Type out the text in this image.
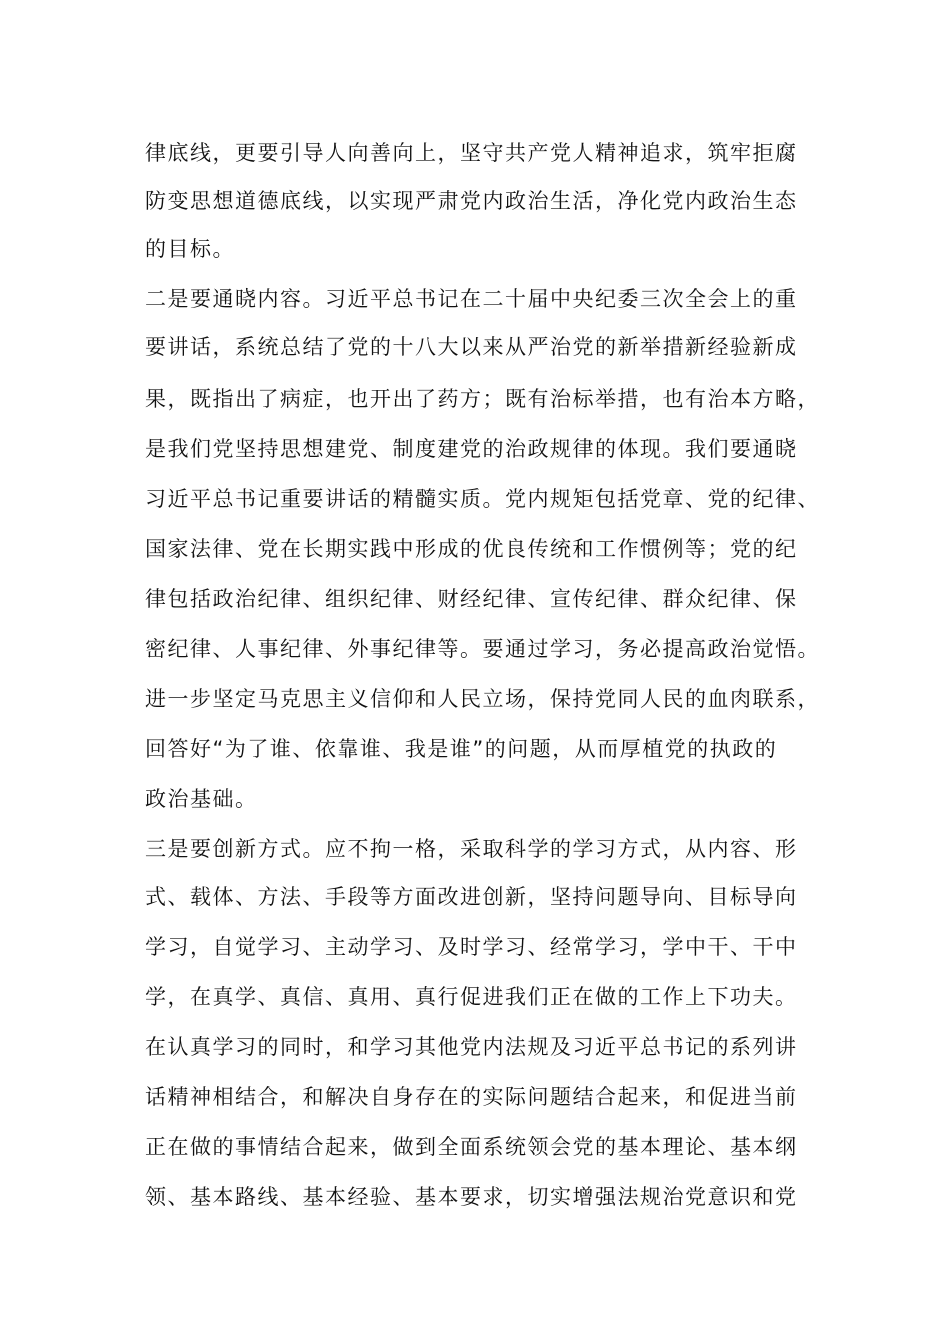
律底线，更要引导人向善向上，坚守共产党人精神追求，筑牢拒腐
防变思想道德底线，以实现严肃党内政治生活，净化党内政治生态
的目标。
二是要通晓内容。习近平总书记在二十届中央纪委三次全会上的重
要讲话，系统总结了党的十八大以来从严治党的新举措新经验新成
果，既指出了病症，也开出了药方；既有治标举措，也有治本方略，
是我们党坚持思想建党、制度建党的治政规律的体现。我们要通晓
习近平总书记重要讲话的精髓实质。党内规矩包括党章、党的纪律、
国家法律、党在长期实践中形成的优良传统和工作惯例等；党的纪
律包括政治纪律、组织纪律、财经纪律、宣传纪律、群众纪律、保
密纪律、人事纪律、外事纪律等。要通过学习，务必提高政治觉悟。
进一步坚定马克思主义信仰和人民立场，保持党同人民的血肉联系，
回答好“为了谁、依靠谁、我是谁”的问题，从而厚植党的执政的
政治基础。
三是要创新方式。应不拘一格，采取科学的学习方式，从内容、形
式、载体、方法、手段等方面改进创新，坚持问题导向、目标导向
学习，自觉学习、主动学习、及时学习、经常学习，学中干、干中
学，在真学、真信、真用、真行促进我们正在做的工作上下功夫。
在认真学习的同时，和学习其他党内法规及习近平总书记的系列讲
话精神相结合，和解决自身存在的实际问题结合起来，和促进当前
正在做的事情结合起来，做到全面系统领会党的基本理论、基本纲
领、基本路线、基本经验、基本要求，切实增强法规治党意识和党
